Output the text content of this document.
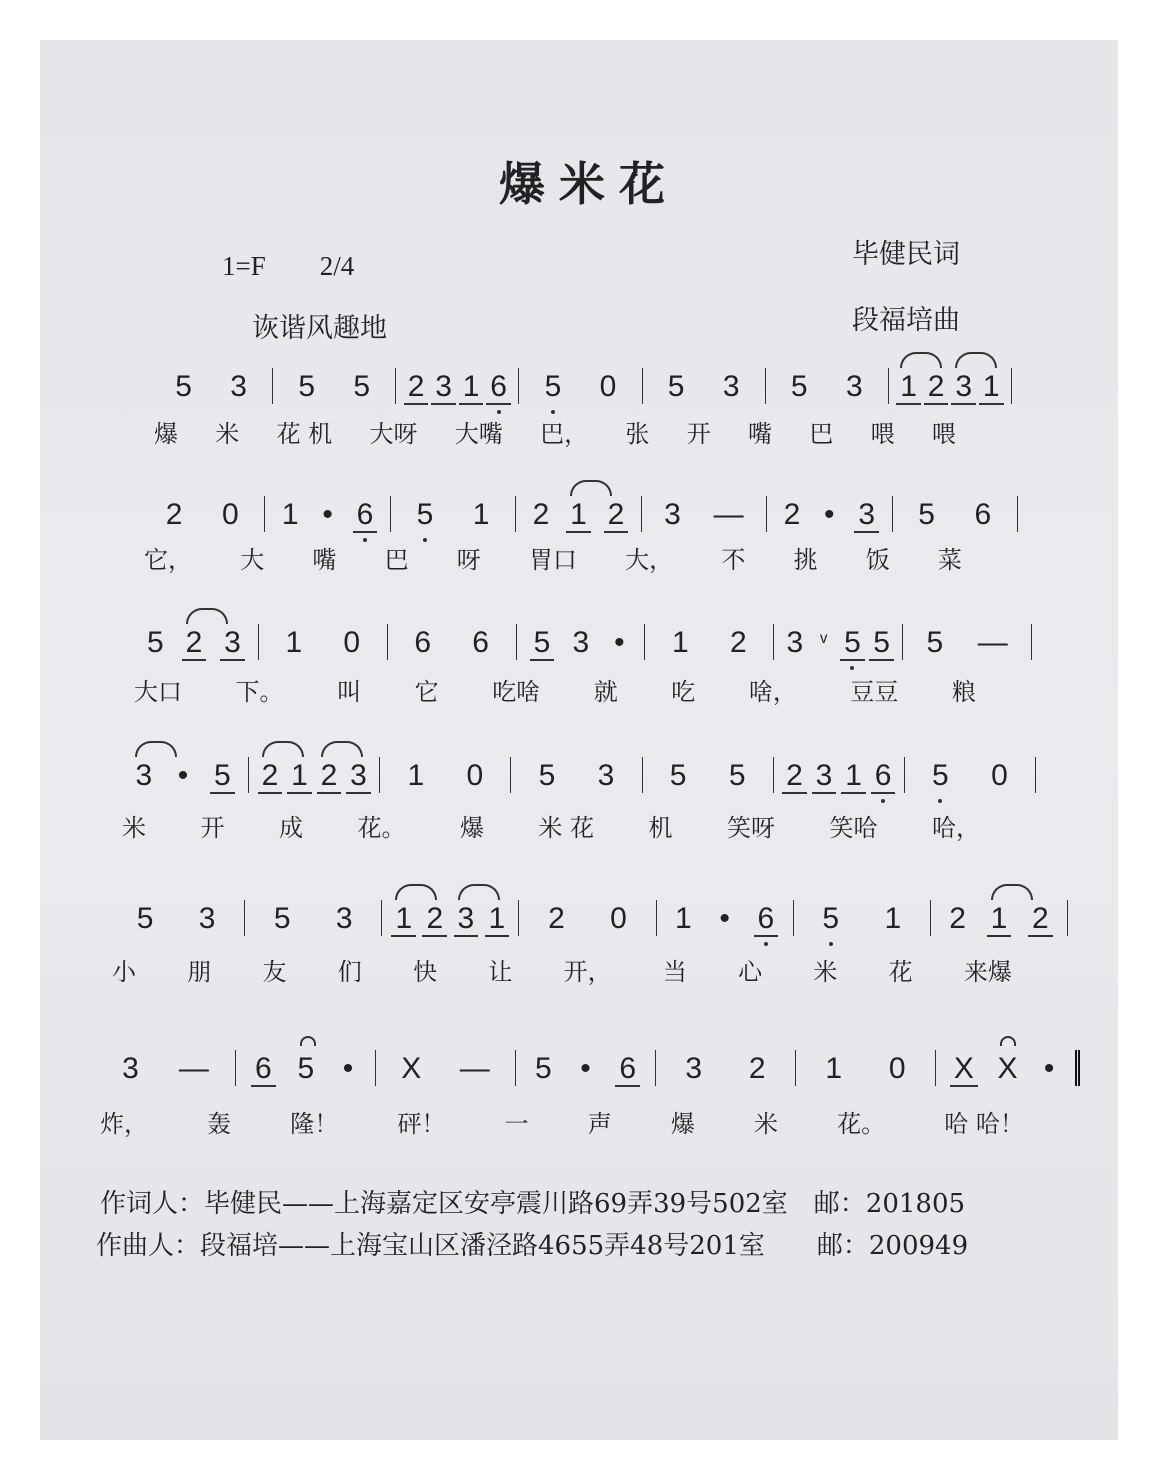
爆米花
1=F　　2/4
诙谐风趣地
毕健民词
段福培曲
5 3 5 5 2 3 1 6 5 0 5 3 5 3 1 2 3 1
爆 米 花 机 大呀 大嘴 巴， 张 开 嘴 巴 喂 喂
2 0 1 • 6 5 1 2 1 2 3 — 2 • 3 5 6
它， 大 嘴 巴 呀 胃口 大， 不 挑 饭 菜
5 2 3 1 0 6 6 5 3 • 1 2 3 ᵛ 5 5 5 —
大口 下。 叫 它 吃啥 就 吃 啥， 豆豆 粮
3 • 5 2 1 2 3 1 0 5 3 5 5 2 3 1 6 5 0
米 开 成 花。 爆 米 花 机 笑呀 笑哈 哈，
5 3 5 3 1 2 3 1 2 0 1 • 6 5 1 2 1 2
小 朋 友 们 快 让 开， 当 心 米 花 来爆
3 — 6 5 • X — 5 • 6 3 2 1 0 X X •
炸， 轰 隆！ 砰！ 一 声 爆 米 花。 哈 哈！
作词人：毕健民——上海嘉定区安亭震川路69弄39号502室　邮：201805
作曲人：段福培——上海宝山区潘泾路4655弄48号201室　　邮：200949
